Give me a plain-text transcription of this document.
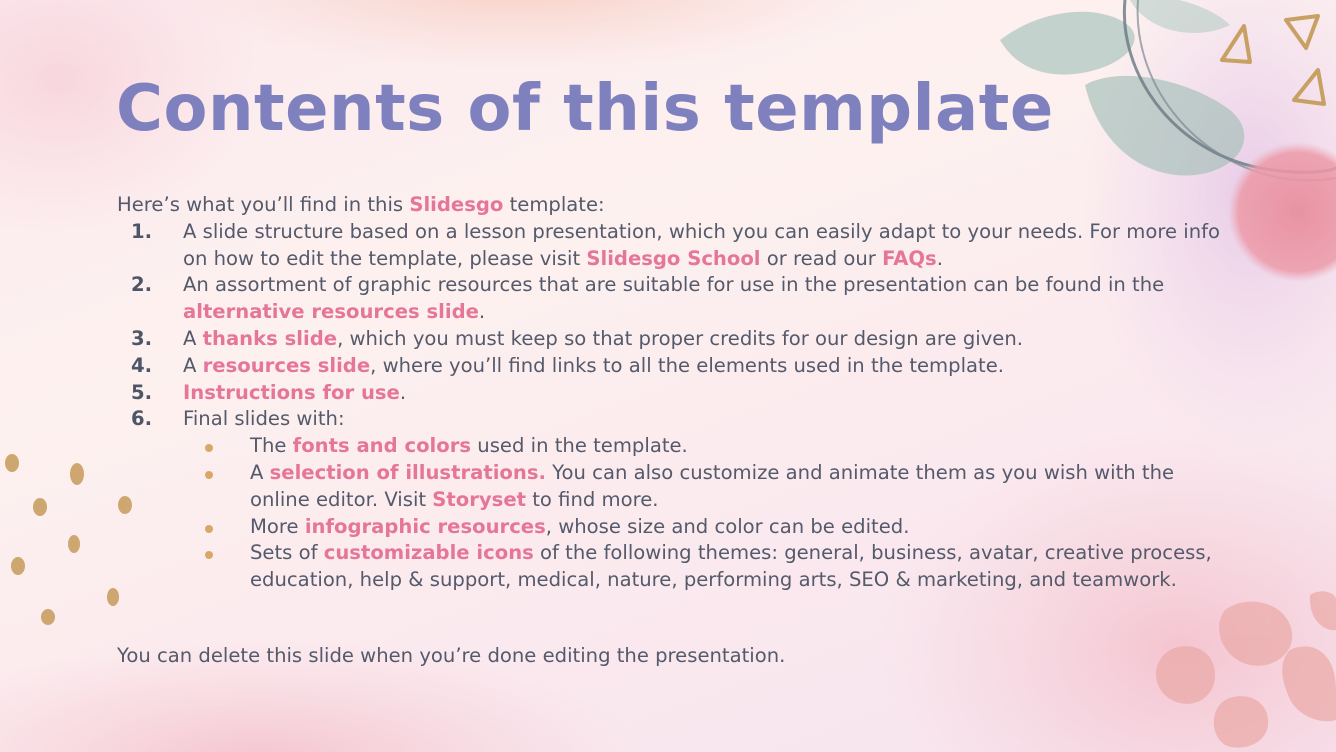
Contents of this template

Here’s what you’ll find in this Slidesgo template:

1. A slide structure based on a lesson presentation, which you can easily adapt to your needs. For more info on how to edit the template, please visit Slidesgo School or read our FAQs.
2. An assortment of graphic resources that are suitable for use in the presentation can be found in the alternative resources slide.
3. A thanks slide, which you must keep so that proper credits for our design are given.
4. A resources slide, where you’ll find links to all the elements used in the template.
5. Instructions for use.
6. Final slides with:
The fonts and colors used in the template.
A selection of illustrations. You can also customize and animate them as you wish with the online editor. Visit Storyset to find more.
More infographic resources, whose size and color can be edited.
Sets of customizable icons of the following themes: general, business, avatar, creative process, education, help & support, medical, nature, performing arts, SEO & marketing, and teamwork.

You can delete this slide when you’re done editing the presentation.
